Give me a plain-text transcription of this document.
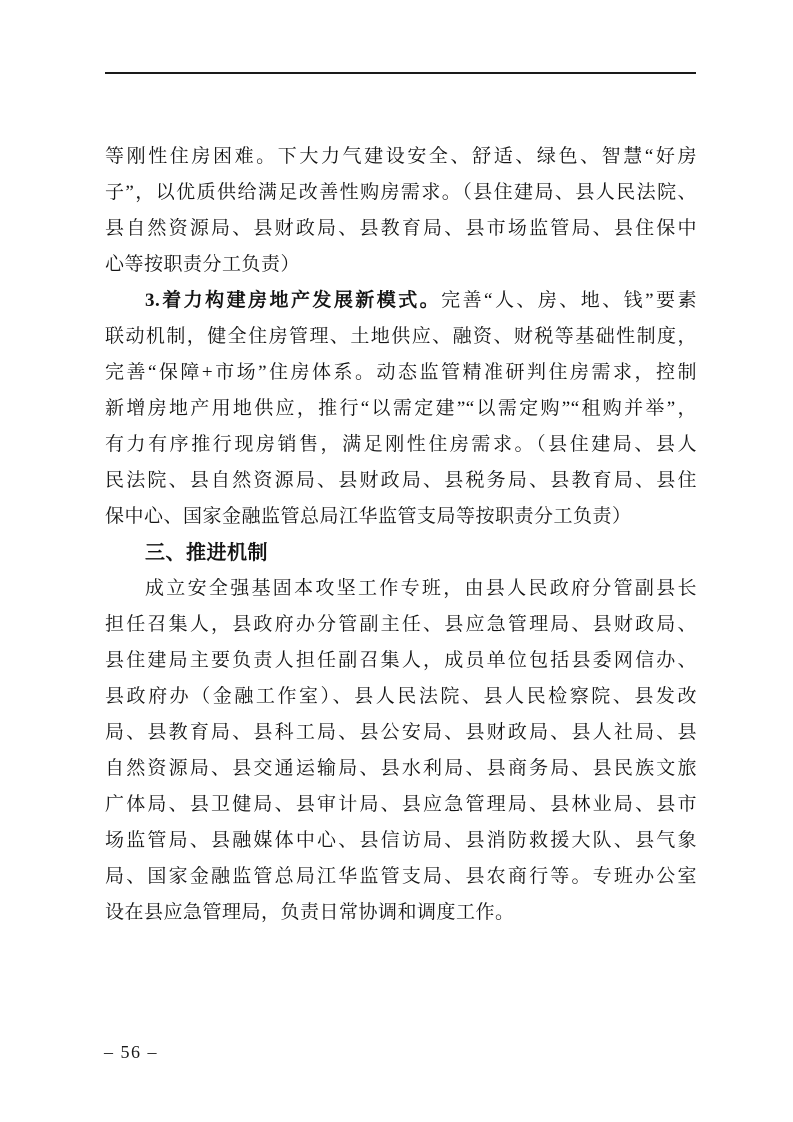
等刚性住房困难。下大力气建设安全、舒适、绿色、智慧“好房
子”，以优质供给满足改善性购房需求。（县住建局、县人民法院、
县自然资源局、县财政局、县教育局、县市场监管局、县住保中
心等按职责分工负责）
3.着力构建房地产发展新模式。完善“人、房、地、钱”要素
联动机制，健全住房管理、土地供应、融资、财税等基础性制度，
完善“保障+市场”住房体系。动态监管精准研判住房需求，控制
新增房地产用地供应，推行“以需定建”“以需定购”“租购并举”，
有力有序推行现房销售，满足刚性住房需求。（县住建局、县人
民法院、县自然资源局、县财政局、县税务局、县教育局、县住
保中心、国家金融监管总局江华监管支局等按职责分工负责）
三、推进机制
成立安全强基固本攻坚工作专班，由县人民政府分管副县长
担任召集人，县政府办分管副主任、县应急管理局、县财政局、
县住建局主要负责人担任副召集人，成员单位包括县委网信办、
县政府办（金融工作室）、县人民法院、县人民检察院、县发改
局、县教育局、县科工局、县公安局、县财政局、县人社局、县
自然资源局、县交通运输局、县水利局、县商务局、县民族文旅
广体局、县卫健局、县审计局、县应急管理局、县林业局、县市
场监管局、县融媒体中心、县信访局、县消防救援大队、县气象
局、国家金融监管总局江华监管支局、县农商行等。专班办公室
设在县应急管理局，负责日常协调和调度工作。
– 56 –
